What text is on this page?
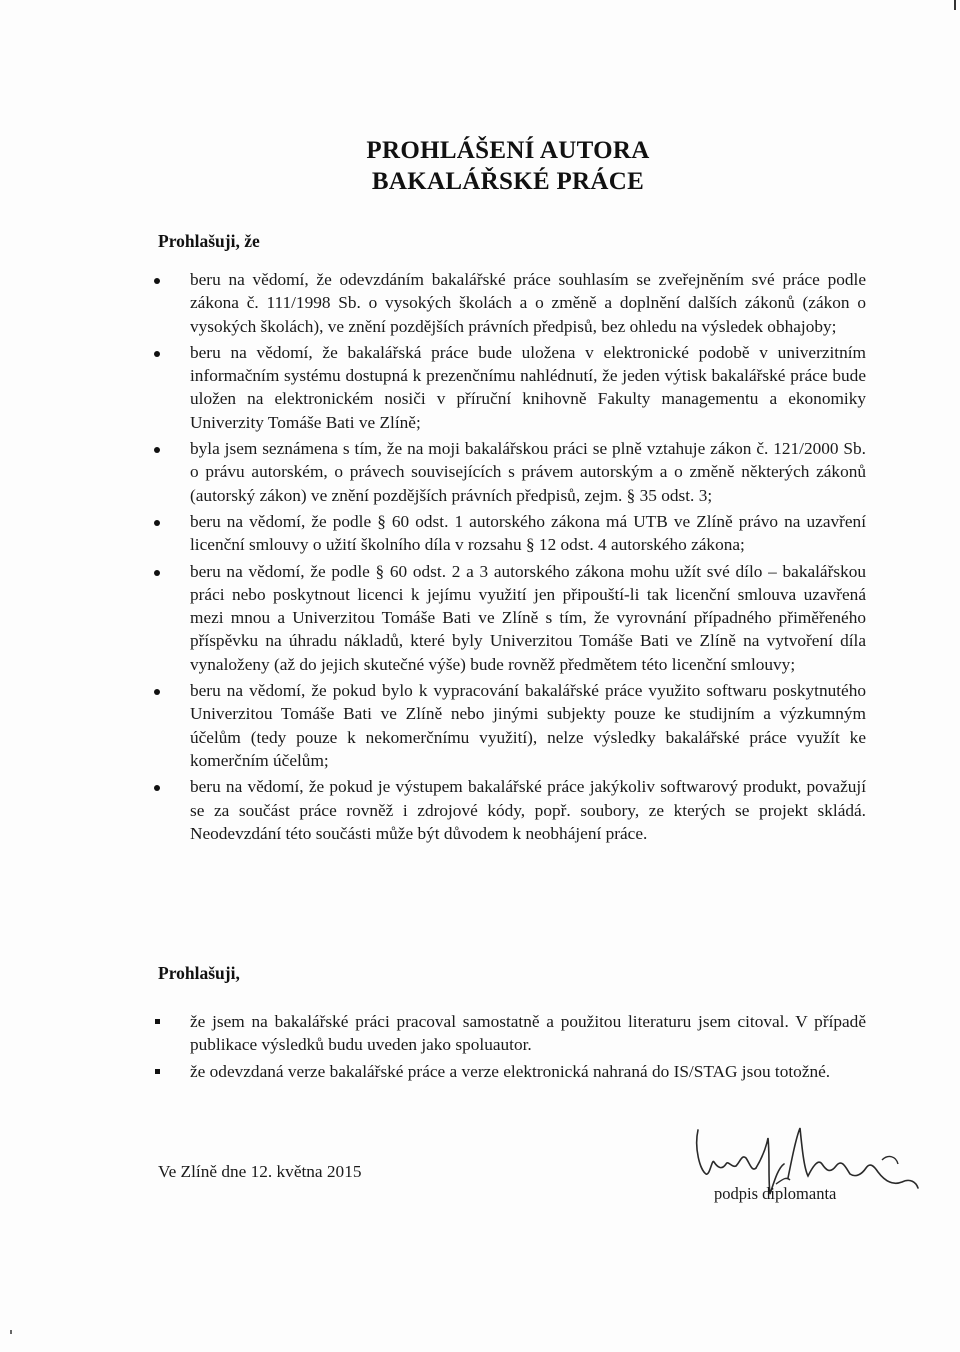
PROHLÁŠENÍ AUTORA
BAKALÁŘSKÉ PRÁCE
Prohlašuji, že
beru na vědomí, že odevzdáním bakalářské práce souhlasím se zveřejněním své práce podle zákona č. 111/1998 Sb. o vysokých školách a o změně a doplnění dalších zákonů (zákon o vysokých školách), ve znění pozdějších právních předpisů, bez ohledu na výsledek obhajoby;
beru na vědomí, že bakalářská práce bude uložena v elektronické podobě v univerzitním informačním systému dostupná k prezenčnímu nahlédnutí, že jeden výtisk bakalářské práce bude uložen na elektronickém nosiči v příruční knihovně Fakulty managementu a ekonomiky Univerzity Tomáše Bati ve Zlíně;
byla jsem seznámena s tím, že na moji bakalářskou práci se plně vztahuje zákon č. 121/2000 Sb. o právu autorském, o právech souvisejících s právem autorským a o změně některých zákonů (autorský zákon) ve znění pozdějších právních předpisů, zejm. § 35 odst. 3;
beru na vědomí, že podle § 60 odst. 1 autorského zákona má UTB ve Zlíně právo na uzavření licenční smlouvy o užití školního díla v rozsahu § 12 odst. 4 autorského zákona;
beru na vědomí, že podle § 60 odst. 2 a 3 autorského zákona mohu užít své dílo – bakalářskou práci nebo poskytnout licenci k jejímu využití jen připouští-li tak licenční smlouva uzavřená mezi mnou a Univerzitou Tomáše Bati ve Zlíně s tím, že vyrovnání případného přiměřeného příspěvku na úhradu nákladů, které byly Univerzitou Tomáše Bati ve Zlíně na vytvoření díla vynaloženy (až do jejich skutečné výše) bude rovněž předmětem této licenční smlouvy;
beru na vědomí, že pokud bylo k vypracování bakalářské práce využito softwaru poskytnutého Univerzitou Tomáše Bati ve Zlíně nebo jinými subjekty pouze ke studijním a výzkumným účelům (tedy pouze k nekomerčnímu využití), nelze výsledky bakalářské práce využít ke komerčním účelům;
beru na vědomí, že pokud je výstupem bakalářské práce jakýkoliv softwarový produkt, považují se za součást práce rovněž i zdrojové kódy, popř. soubory, ze kterých se projekt skládá. Neodevzdání této součásti může být důvodem k neobhájení práce.
Prohlašuji,
že jsem na bakalářské práci pracoval samostatně a použitou literaturu jsem citoval. V případě publikace výsledků budu uveden jako spoluautor.
že odevzdaná verze bakalářské práce a verze elektronická nahraná do IS/STAG jsou totožné.
Ve Zlíně dne 12. května 2015
podpis diplomanta
